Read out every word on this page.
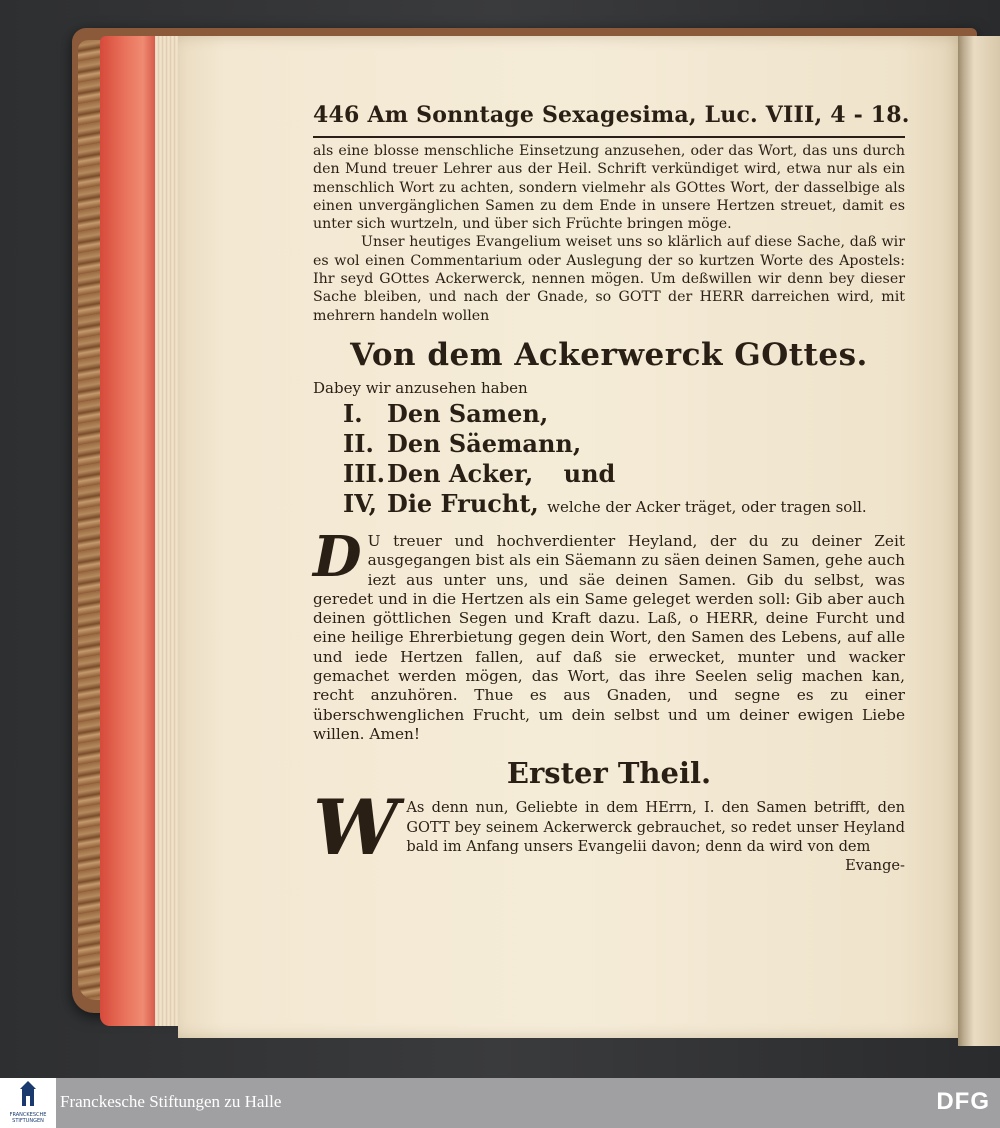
446 Am Sonntage Sexagesima, Luc. VIII, 4 - 18.

als eine blosse menschliche Einsetzung anzusehen, oder das Wort, das uns durch den Mund treuer Lehrer aus der Heil. Schrift verkündiget wird, etwa nur als ein menschlich Wort zu achten, sondern vielmehr als GOttes Wort, der dasselbige als einen unvergänglichen Samen zu dem Ende in unsere Hertzen streuet, damit es unter sich wurtzeln, und über sich Früchte bringen möge.

Unser heutiges Evangelium weiset uns so klärlich auf diese Sache, daß wir es wol einen Commentarium oder Auslegung der so kurtzen Worte des Apostels: Ihr seyd GOttes Ackerwerck, nennen mögen. Um deßwillen wir denn bey dieser Sache bleiben, und nach der Gnade, so GOTT der HERR darreichen wird, mit mehrern handeln wollen

Von dem Ackerwerck GOttes.
Dabey wir anzusehen haben
I. Den Samen,
II. Den Säemann,
III.Den Acker, und
IV, Die Frucht, welche der Acker träget, oder tragen soll.
D U treuer und hochverdienter Heyland, der du zu deiner Zeit ausgegangen bist als ein Säemann zu säen deinen Samen, gehe auch iezt aus unter uns, und säe deinen Samen. Gib du selbst, was geredet und in die Hertzen als ein Same geleget werden soll: Gib aber auch deinen göttlichen Segen und Kraft dazu. Laß, o HERR, deine Furcht und eine heilige Ehrerbietung gegen dein Wort, den Samen des Lebens, auf alle und iede Hertzen fallen, auf daß sie erwecket, munter und wacker gemachet werden mögen, das Wort, das ihre Seelen selig machen kan, recht anzuhören. Thue es aus Gnaden, und segne es zu einer überschwenglichen Frucht, um dein selbst und um deiner ewigen Liebe willen. Amen!
Erster Theil.
W As denn nun, Geliebte in dem HErrn, I. den Samen betrifft, den GOTT bey seinem Ackerwerck gebrauchet, so redet unser Heyland bald im Anfang unsers Evangelii davon; denn da wird von dem
Evange-
FRANCKESCHE STIFTUNGEN
Franckesche Stiftungen zu Halle	DFG
